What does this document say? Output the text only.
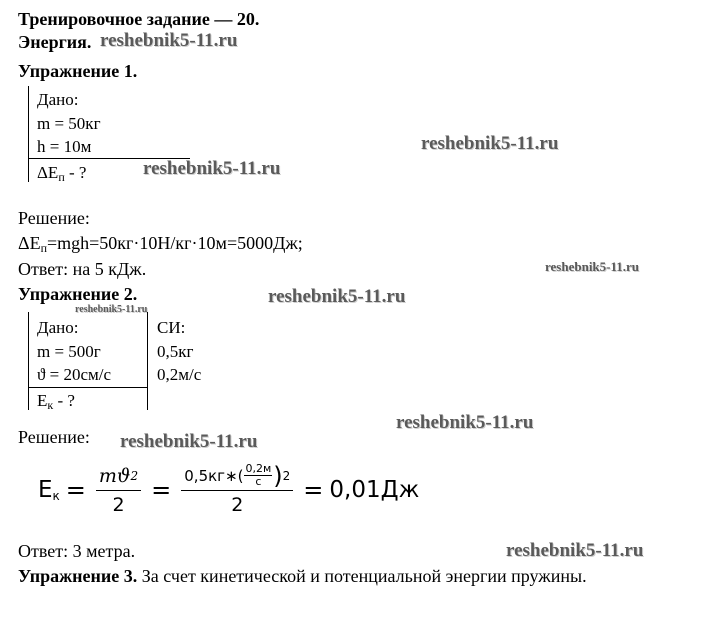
Тренировочное задание — 20.
Энергия. reshebnik5-11.ru
Упражнение 1.
Дано:
m = 50кг
h = 10м
$\Delta E_п$ - ?	reshebnik5-11.ru
reshebnik5-11.ru
Решение:
$\Delta E_п=mgh=50кг\cdot 10Н/кг\cdot 10м=5000Дж$;
Ответ: на 5 кДж.	reshebnik5-11.ru
Упражнение 2.	reshebnik5-11.ru
reshebnik5-11.ru
Дано:	СИ:
m = 500г	0,5кг
ϑ = 20см/с	0,2м/с
$E_к$ - ?
reshebnik5-11.ru
Решение: reshebnik5-11.ru
$E_к = \frac{mϑ 2}{2} = \frac{0,5кг∗( \frac{0,2м}{с} ) 2}{2} = 0,01Дж$
Ответ: 3 метра.	reshebnik5-11.ru
Упражнение 3. За счет кинетической и потенциальной энергии пружины.
